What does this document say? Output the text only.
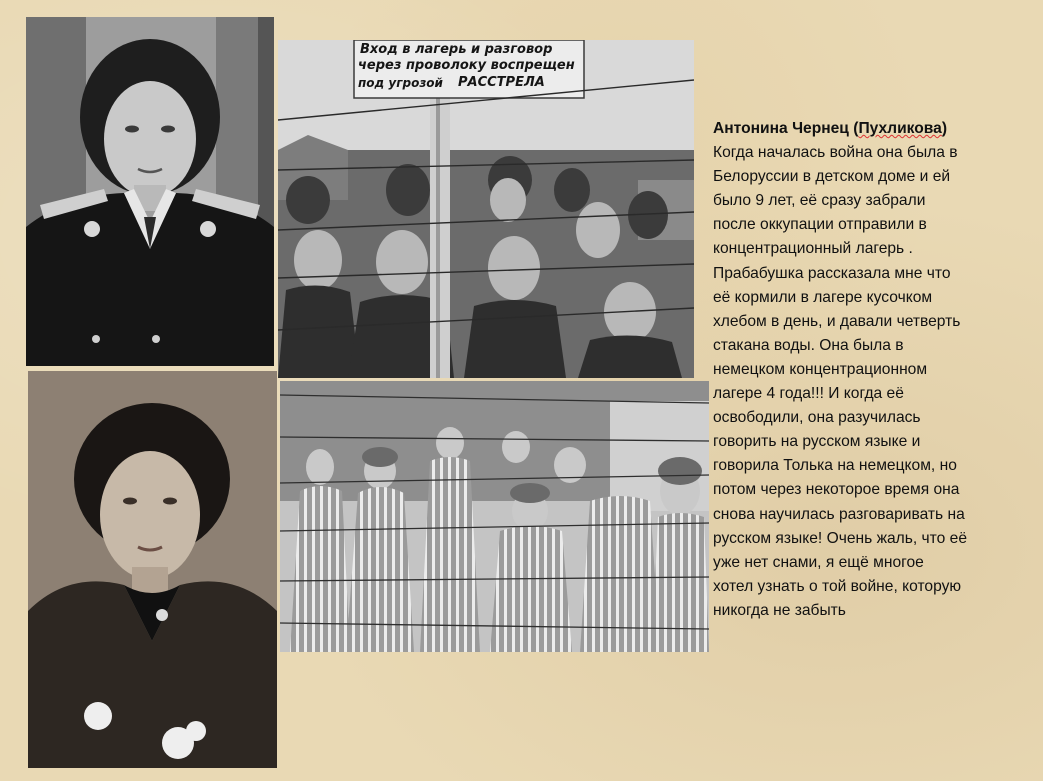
Вход в лагерь и разговор
через проволоку воспрещен
под угрозой РАССТРЕЛА
Антонина Чернец (Пухликова)
Когда началась война она была в
Белоруссии в детском доме и ей
было 9 лет, её сразу забрали
после оккупации отправили в
концентрационный лагерь .
Прабабушка рассказала мне что
её кормили в лагере кусочком
хлебом в день, и давали четверть
стакана воды. Она была в
немецком концентрационном
лагере 4 года!!! И когда её
освободили, она разучилась
говорить на русском языке и
говорила Толька на немецком, но
потом через некоторое время она
снова научилась разговаривать на
русском языке! Очень жаль, что её
уже нет снами, я ещё многое
хотел узнать о той войне, которую
никогда не забыть
